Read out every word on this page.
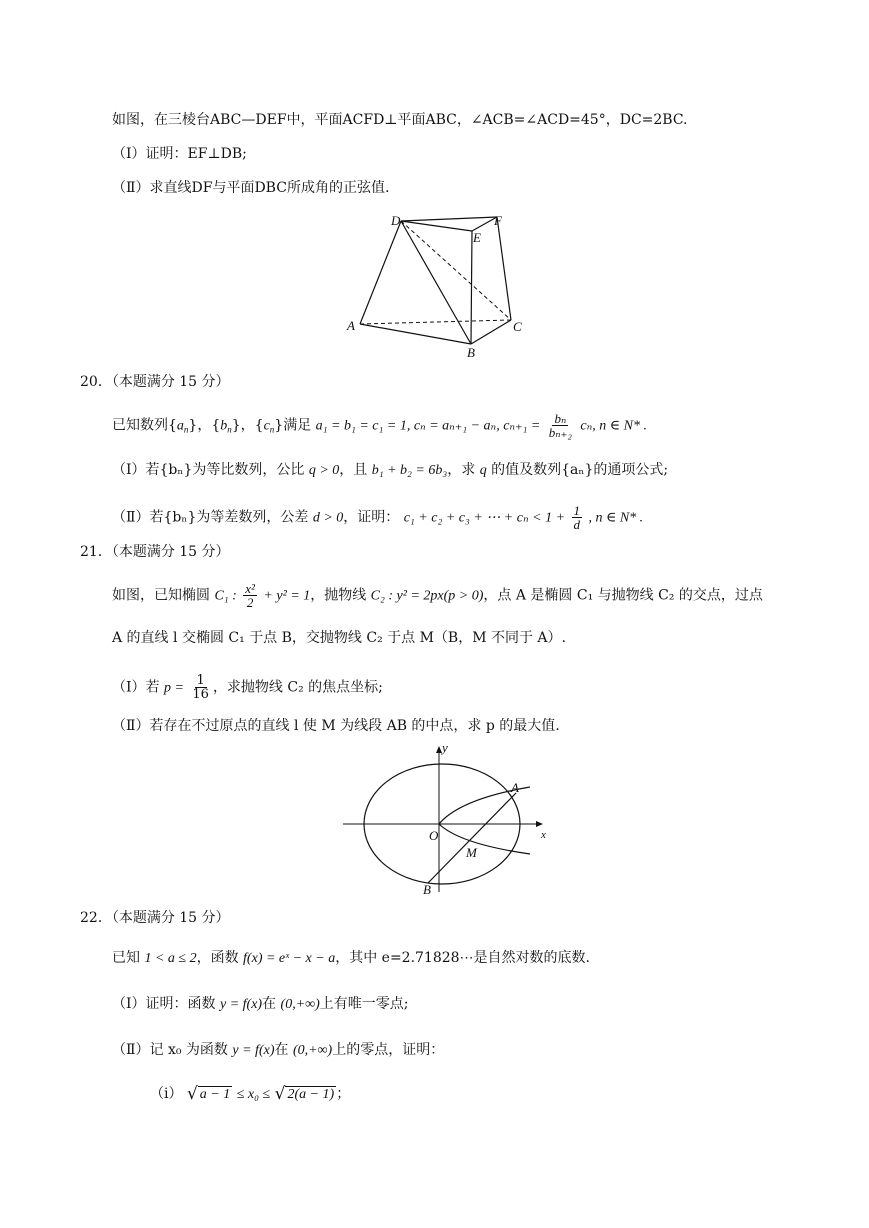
如图，在三棱台ABC—DEF中，平面ACFD⊥平面ABC，∠ACB=∠ACD=45°，DC=2BC.
（Ⅰ）证明：EF⊥DB;
（Ⅱ）求直线DF与平面DBC所成角的正弦值.
D
E
F
A
B
C
20．（本题满分 15 分）
已知数列$\{a_n\}$，$\{b_n\}$，$\{c_n\}$满足 a₁ = b₁ = c₁ = 1, cₙ = aₙ₊₁ − aₙ, $c_{n+1} = \frac{\text{bₙ}}{\text{bₙ₊₂}} c_n$, n ∈ N* .
（Ⅰ）若{bₙ}为等比数列，公比 q > 0，且 b₁ + b₂ = 6b₃，求 q 的值及数列{aₙ}的通项公式;
（Ⅱ）若{bₙ}为等差数列，公差 d > 0，证明： c₁ + c₂ + c₃ + ⋯ + $c_n < 1 + \frac{1}{d}$ , n ∈ N* .
21．（本题满分 15 分）
如图，已知椭圆 C₁ : $\frac{\text{x²}}{2} + y^2 = 1$，抛物线 C₂ : y² = 2px(p > 0)，点 A 是椭圆 C₁ 与抛物线 C₂ 的交点，过点
A 的直线 l 交椭圆 C₁ 于点 B，交抛物线 C₂ 于点 M（B，M 不同于 A）.
（Ⅰ）若 $p = \frac{1}{16}$ ，求抛物线 C₂ 的焦点坐标;
（Ⅱ）若存在不过原点的直线 l 使 M 为线段 AB 的中点，求 p 的最大值.
y
x
O
A
M
B
22．（本题满分 15 分）
已知 1 < a ≤ 2，函数 f(x) = eˣ − x − a，其中 e=2.71828⋯是自然对数的底数.
（Ⅰ）证明：函数 y = f(x)在 (0,+∞)上有唯一零点;
（Ⅱ）记 x₀ 为函数 y = f(x)在 (0,+∞)上的零点，证明：
（ⅰ） √ a − 1 ≤ x₀ ≤ √ 2(a − 1) ；
